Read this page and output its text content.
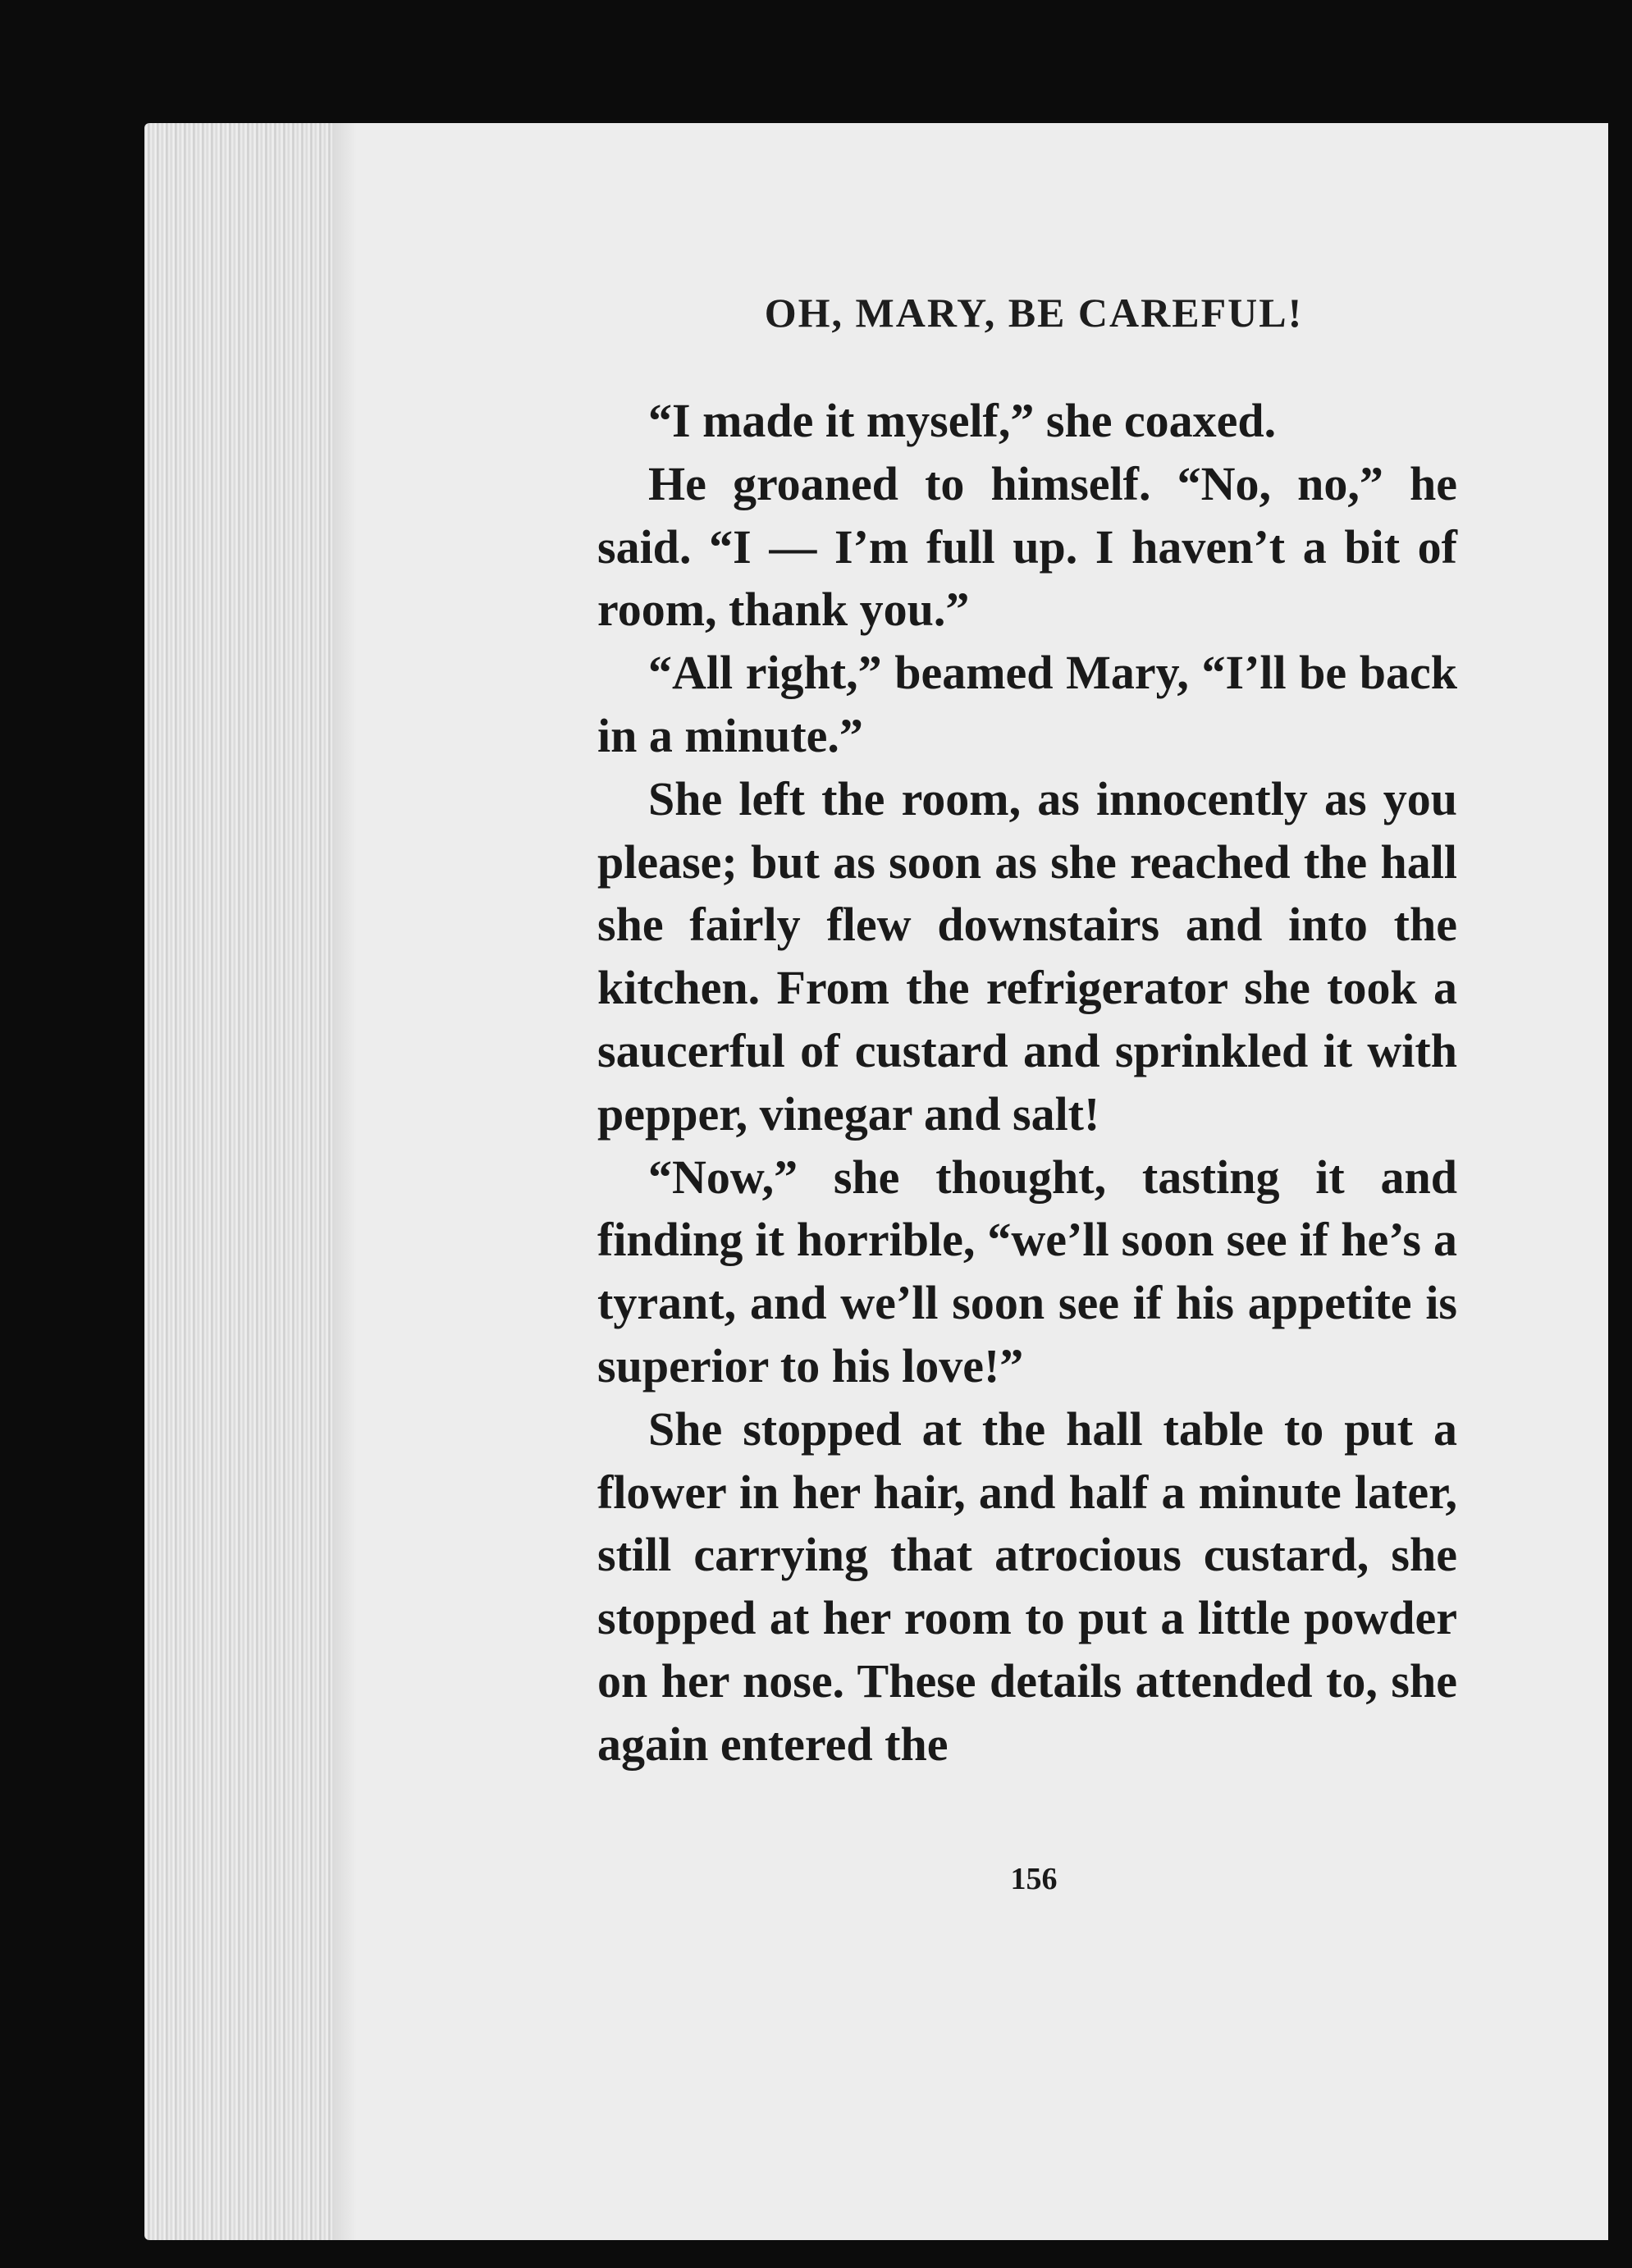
OH, MARY, BE CAREFUL!

“I made it myself,” she coaxed.

He groaned to himself. “No, no,” he said. “I — I’m full up. I haven’t a bit of room, thank you.”

“All right,” beamed Mary, “I’ll be back in a minute.”

She left the room, as innocently as you please; but as soon as she reached the hall she fairly flew downstairs and into the kitchen. From the refrigerator she took a saucerful of custard and sprinkled it with pepper, vinegar and salt!

“Now,” she thought, tasting it and finding it horrible, “we’ll soon see if he’s a tyrant, and we’ll soon see if his appetite is superior to his love!”

She stopped at the hall table to put a flower in her hair, and half a minute later, still carrying that atrocious custard, she stopped at her room to put a little powder on her nose. These details attended to, she again entered the

156
